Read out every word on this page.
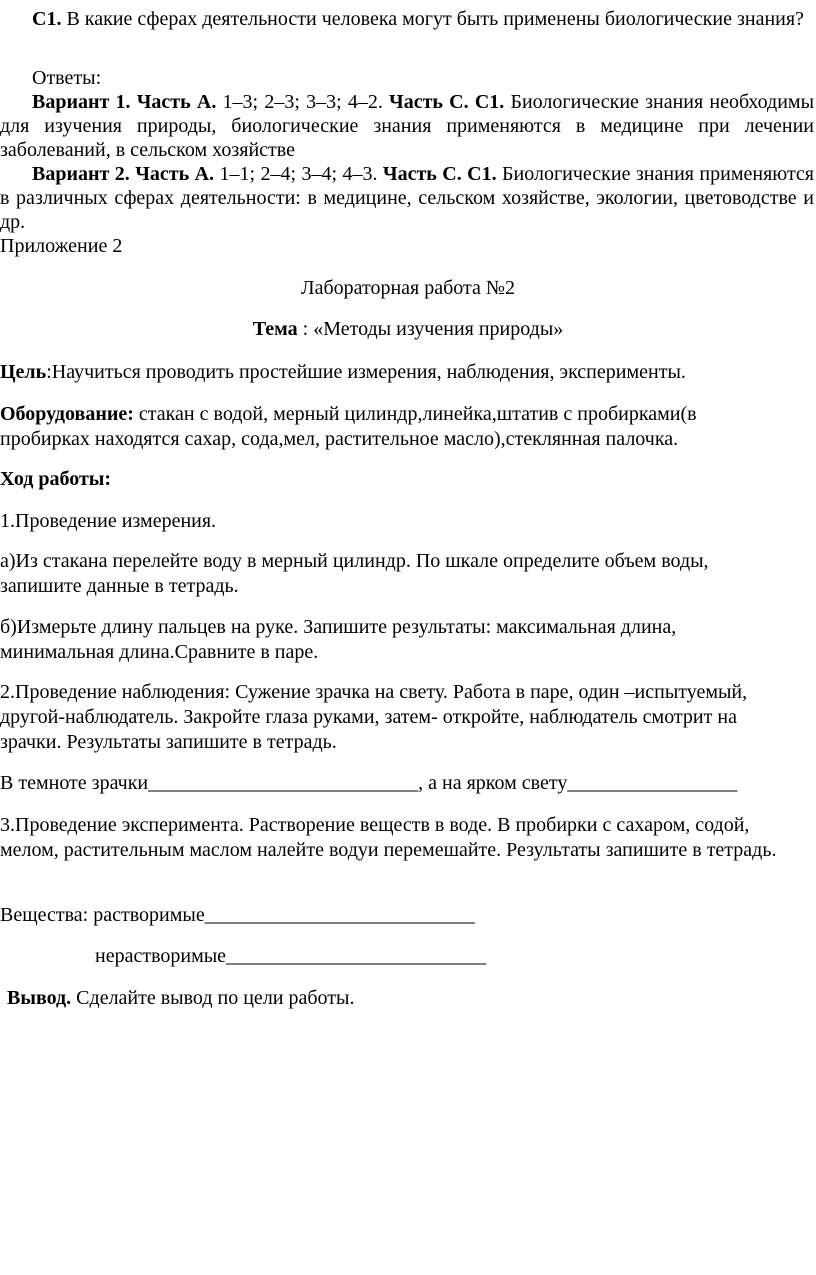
С1. В какие сферах деятельности человека могут быть применены биологические знания?

Ответы:

Вариант 1. Часть А. 1–3; 2–3; 3–3; 4–2. Часть С. С1. Биологические знания необходимы для изучения природы, биологические знания применяются в медицине при лечении заболеваний, в сельском хозяйстве

Вариант 2. Часть А. 1–1; 2–4; 3–4; 4–3. Часть С. С1. Биологические знания применяются в различных сферах деятельности: в медицине, сельском хозяйстве, экологии, цветоводстве и др.

Приложение 2

Лабораторная работа №2

Тема : «Методы изучения природы»

Цель:Научиться проводить простейшие измерения, наблюдения, эксперименты.

Оборудование: стакан с водой, мерный цилиндр,линейка,штатив с пробирками(в пробирках находятся сахар, сода,мел, растительное масло),стеклянная палочка.

Ход работы:

1.Проведение измерения.

а)Из стакана перелейте воду в мерный цилиндр. По шкале определите объем воды, запишите данные в тетрадь.

б)Измерьте длину пальцев на руке. Запишите результаты: максимальная длина, минимальная длина.Сравните в паре.

2.Проведение наблюдения: Сужение зрачка на свету. Работа в паре, один –испытуемый, другой-наблюдатель. Закройте глаза руками, затем- откройте, наблюдатель смотрит на зрачки. Результаты запишите в тетрадь.

В темноте зрачки___________________________, а на ярком свету_________________

3.Проведение эксперимента. Растворение веществ в воде. В пробирки с сахаром, содой, мелом, растительным маслом налейте водуи перемешайте. Результаты запишите в тетрадь.

Вещества: растворимые___________________________

нерастворимые__________________________

Вывод. Сделайте вывод по цели работы.
